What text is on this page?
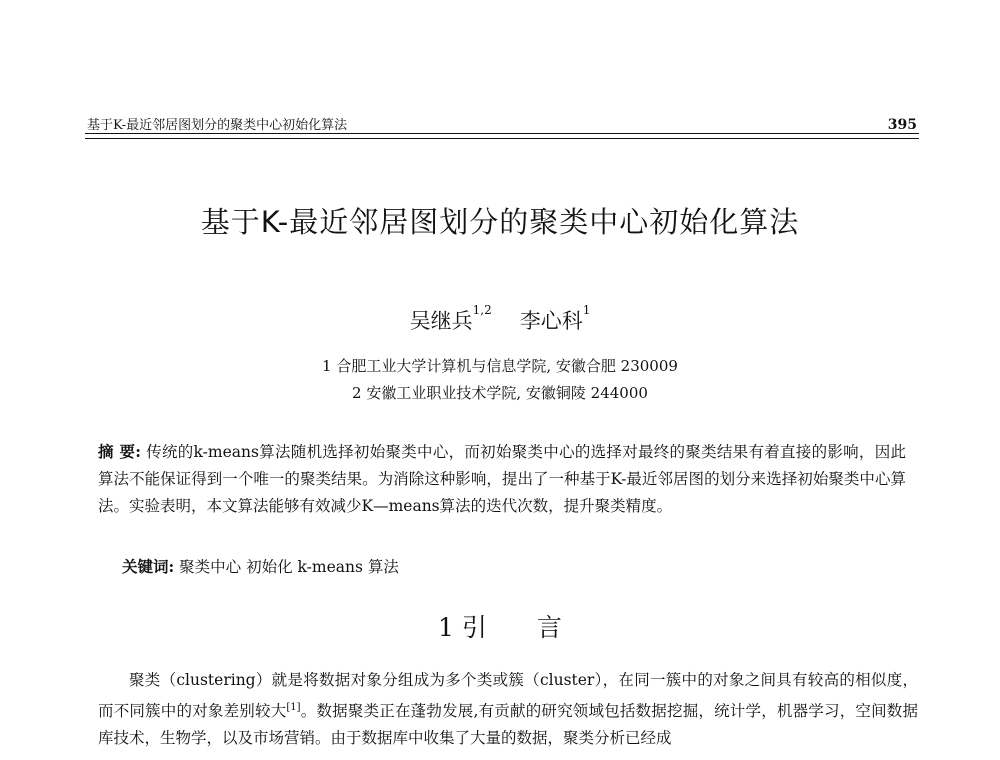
基于K-最近邻居图划分的聚类中心初始化算法	395
基于K-最近邻居图划分的聚类中心初始化算法
吴继兵$^{1,2}$ 李心科$^1$
1 合肥工业大学计算机与信息学院, 安徽合肥 230009
2 安徽工业职业技术学院, 安徽铜陵 244000
摘 要: 传统的k-means算法随机选择初始聚类中心，而初始聚类中心的选择对最终的聚类结果有着直接的影响，因此算法不能保证得到一个唯一的聚类结果。为消除这种影响，提出了一种基于K-最近邻居图的划分来选择初始聚类中心算法。实验表明，本文算法能够有效减少K—means算法的迭代次数，提升聚类精度。
关键词: 聚类中心 初始化 k-means 算法
1 引 言

聚类（clustering）就是将数据对象分组成为多个类或簇（cluster），在同一簇中的对象之间具有较高的相似度，而不同簇中的对象差别较大[1]。数据聚类正在蓬勃发展,有贡献的研究领域包括数据挖掘，统计学，机器学习，空间数据库技术，生物学，以及市场营销。由于数据库中收集了大量的数据，聚类分析已经成
